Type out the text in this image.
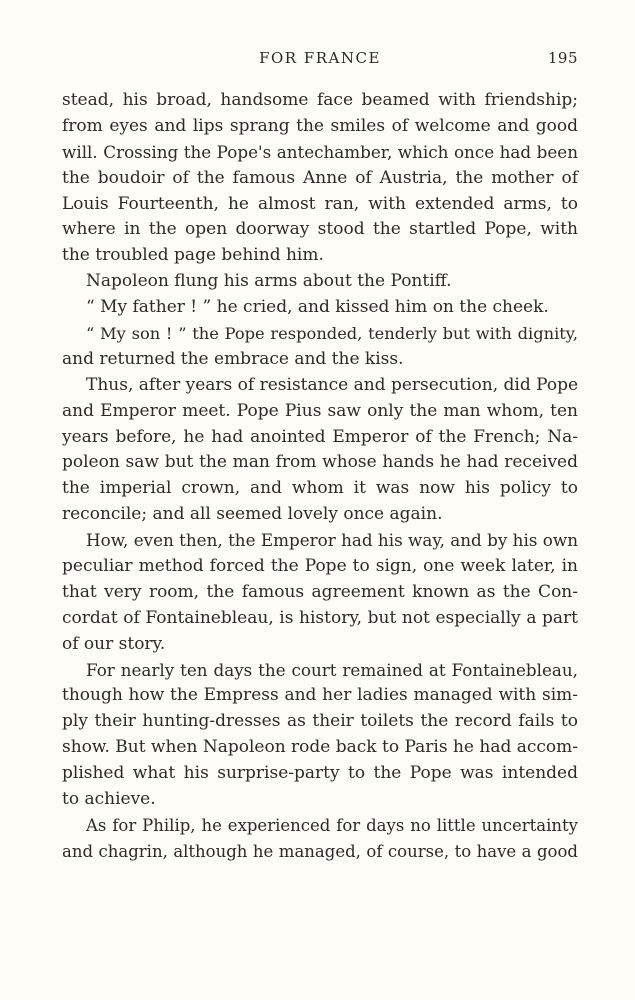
FOR FRANCE	195
stead, his broad, handsome face beamed with friendship;
from eyes and lips sprang the smiles of welcome and good
will. Crossing the Pope's antechamber, which once had been
the boudoir of the famous Anne of Austria, the mother of
Louis Fourteenth, he almost ran, with extended arms, to
where in the open doorway stood the startled Pope, with
the troubled page behind him.
Napoleon flung his arms about the Pontiff.
“ My father ! ” he cried, and kissed him on the cheek.
“ My son ! ” the Pope responded, tenderly but with dignity,
and returned the embrace and the kiss.
Thus, after years of resistance and persecution, did Pope
and Emperor meet. Pope Pius saw only the man whom, ten
years before, he had anointed Emperor of the French; Na-
poleon saw but the man from whose hands he had received
the imperial crown, and whom it was now his policy to
reconcile; and all seemed lovely once again.
How, even then, the Emperor had his way, and by his own
peculiar method forced the Pope to sign, one week later, in
that very room, the famous agreement known as the Con-
cordat of Fontainebleau, is history, but not especially a part
of our story.
For nearly ten days the court remained at Fontainebleau,
though how the Empress and her ladies managed with sim-
ply their hunting-dresses as their toilets the record fails to
show. But when Napoleon rode back to Paris he had accom-
plished what his surprise-party to the Pope was intended
to achieve.
As for Philip, he experienced for days no little uncertainty
and chagrin, although he managed, of course, to have a good
